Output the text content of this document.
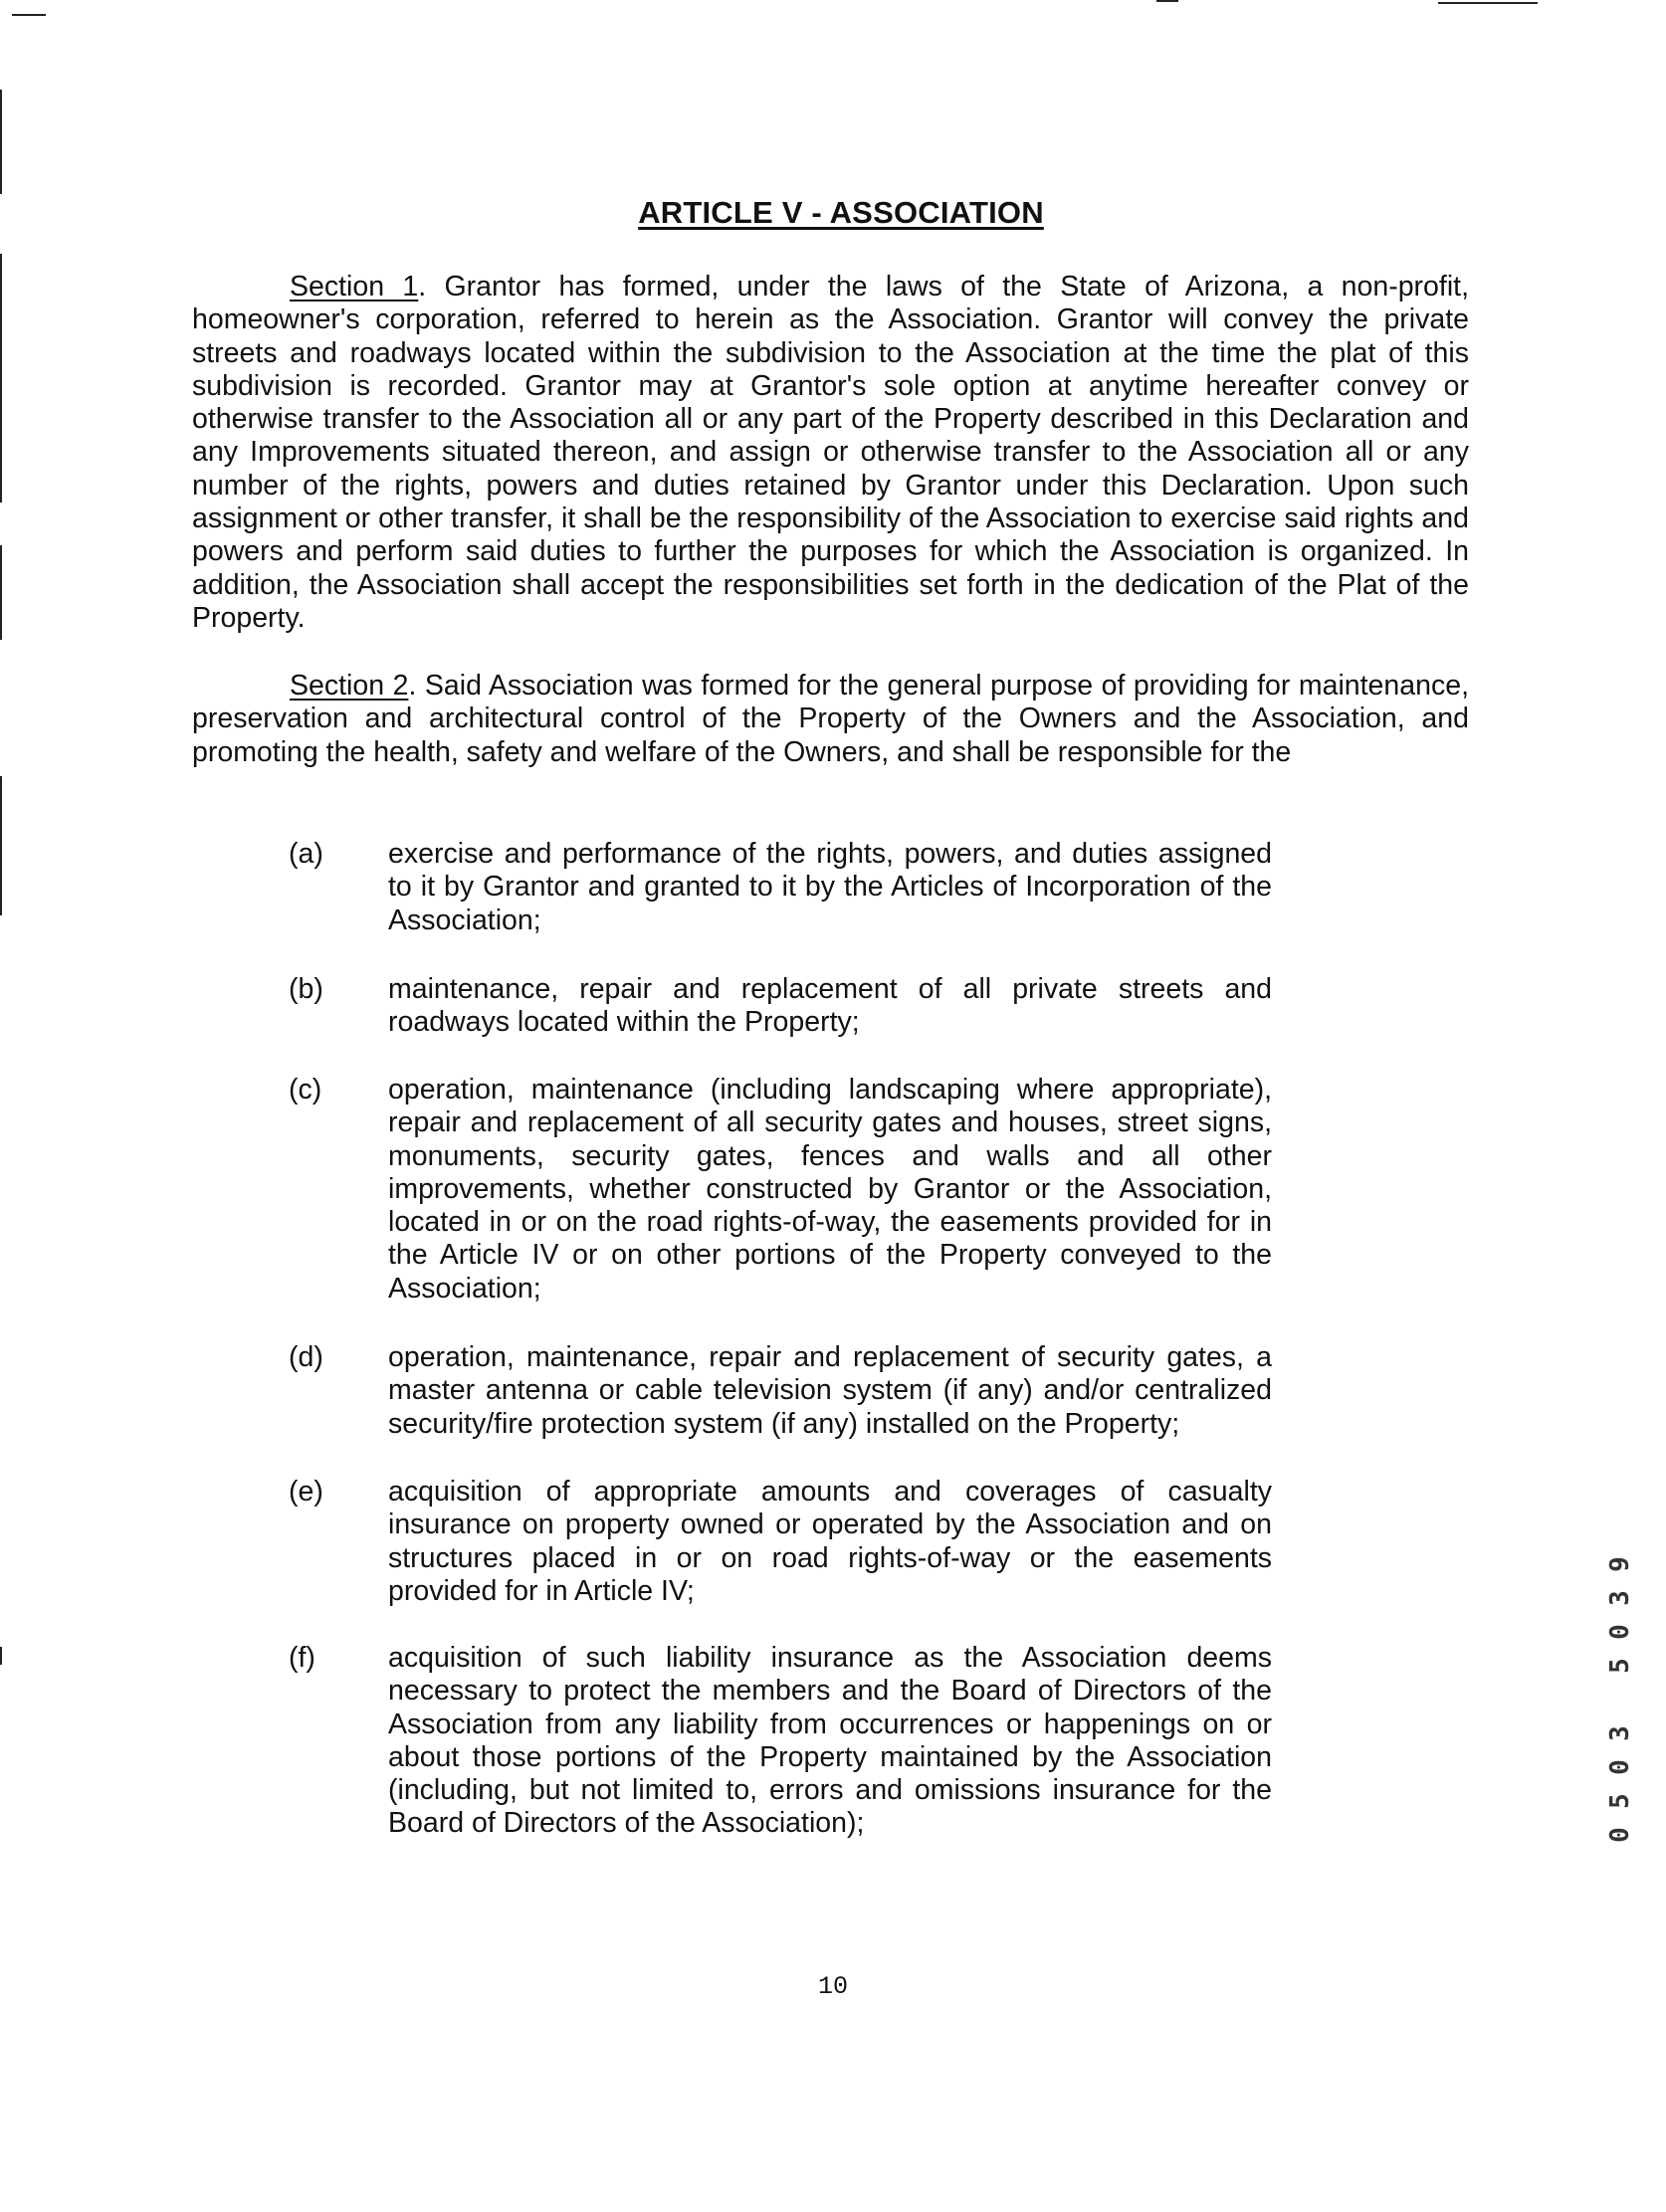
ARTICLE V - ASSOCIATION
Section 1. Grantor has formed, under the laws of the State of Arizona, a non-profit, homeowner's corporation, referred to herein as the Association. Grantor will convey the private streets and roadways located within the subdivision to the Association at the time the plat of this subdivision is recorded. Grantor may at Grantor's sole option at anytime hereafter convey or otherwise transfer to the Association all or any part of the Property described in this Declaration and any Improvements situated thereon, and assign or otherwise transfer to the Association all or any number of the rights, powers and duties retained by Grantor under this Declaration. Upon such assignment or other transfer, it shall be the responsibility of the Association to exercise said rights and powers and perform said duties to further the purposes for which the Association is organized. In addition, the Association shall accept the responsibilities set forth in the dedication of the Plat of the Property.
Section 2. Said Association was formed for the general purpose of providing for maintenance, preservation and architectural control of the Property of the Owners and the Association, and promoting the health, safety and welfare of the Owners, and shall be responsible for the
(a) exercise and performance of the rights, powers, and duties assigned to it by Grantor and granted to it by the Articles of Incorporation of the Association;
(b) maintenance, repair and replacement of all private streets and roadways located within the Property;
(c) operation, maintenance (including landscaping where appropriate), repair and replacement of all security gates and houses, street signs, monuments, security gates, fences and walls and all other improvements, whether constructed by Grantor or the Association, located in or on the road rights-of-way, the easements provided for in the Article IV or on other portions of the Property conveyed to the Association;
(d) operation, maintenance, repair and replacement of security gates, a master antenna or cable television system (if any) and/or centralized security/fire protection system (if any) installed on the Property;
(e) acquisition of appropriate amounts and coverages of casualty insurance on property owned or operated by the Association and on structures placed in or on road rights-of-way or the easements provided for in Article IV;
(f)	acquisition of such liability insurance as the Association deems necessary to protect the members and the Board of Directors of the Association from any liability from occurrences or happenings on or about those portions of the Property maintained by the Association (including, but not limited to, errors and omissions insurance for the Board of Directors of the Association);
10
9
3
0
5

3
0
5
0
